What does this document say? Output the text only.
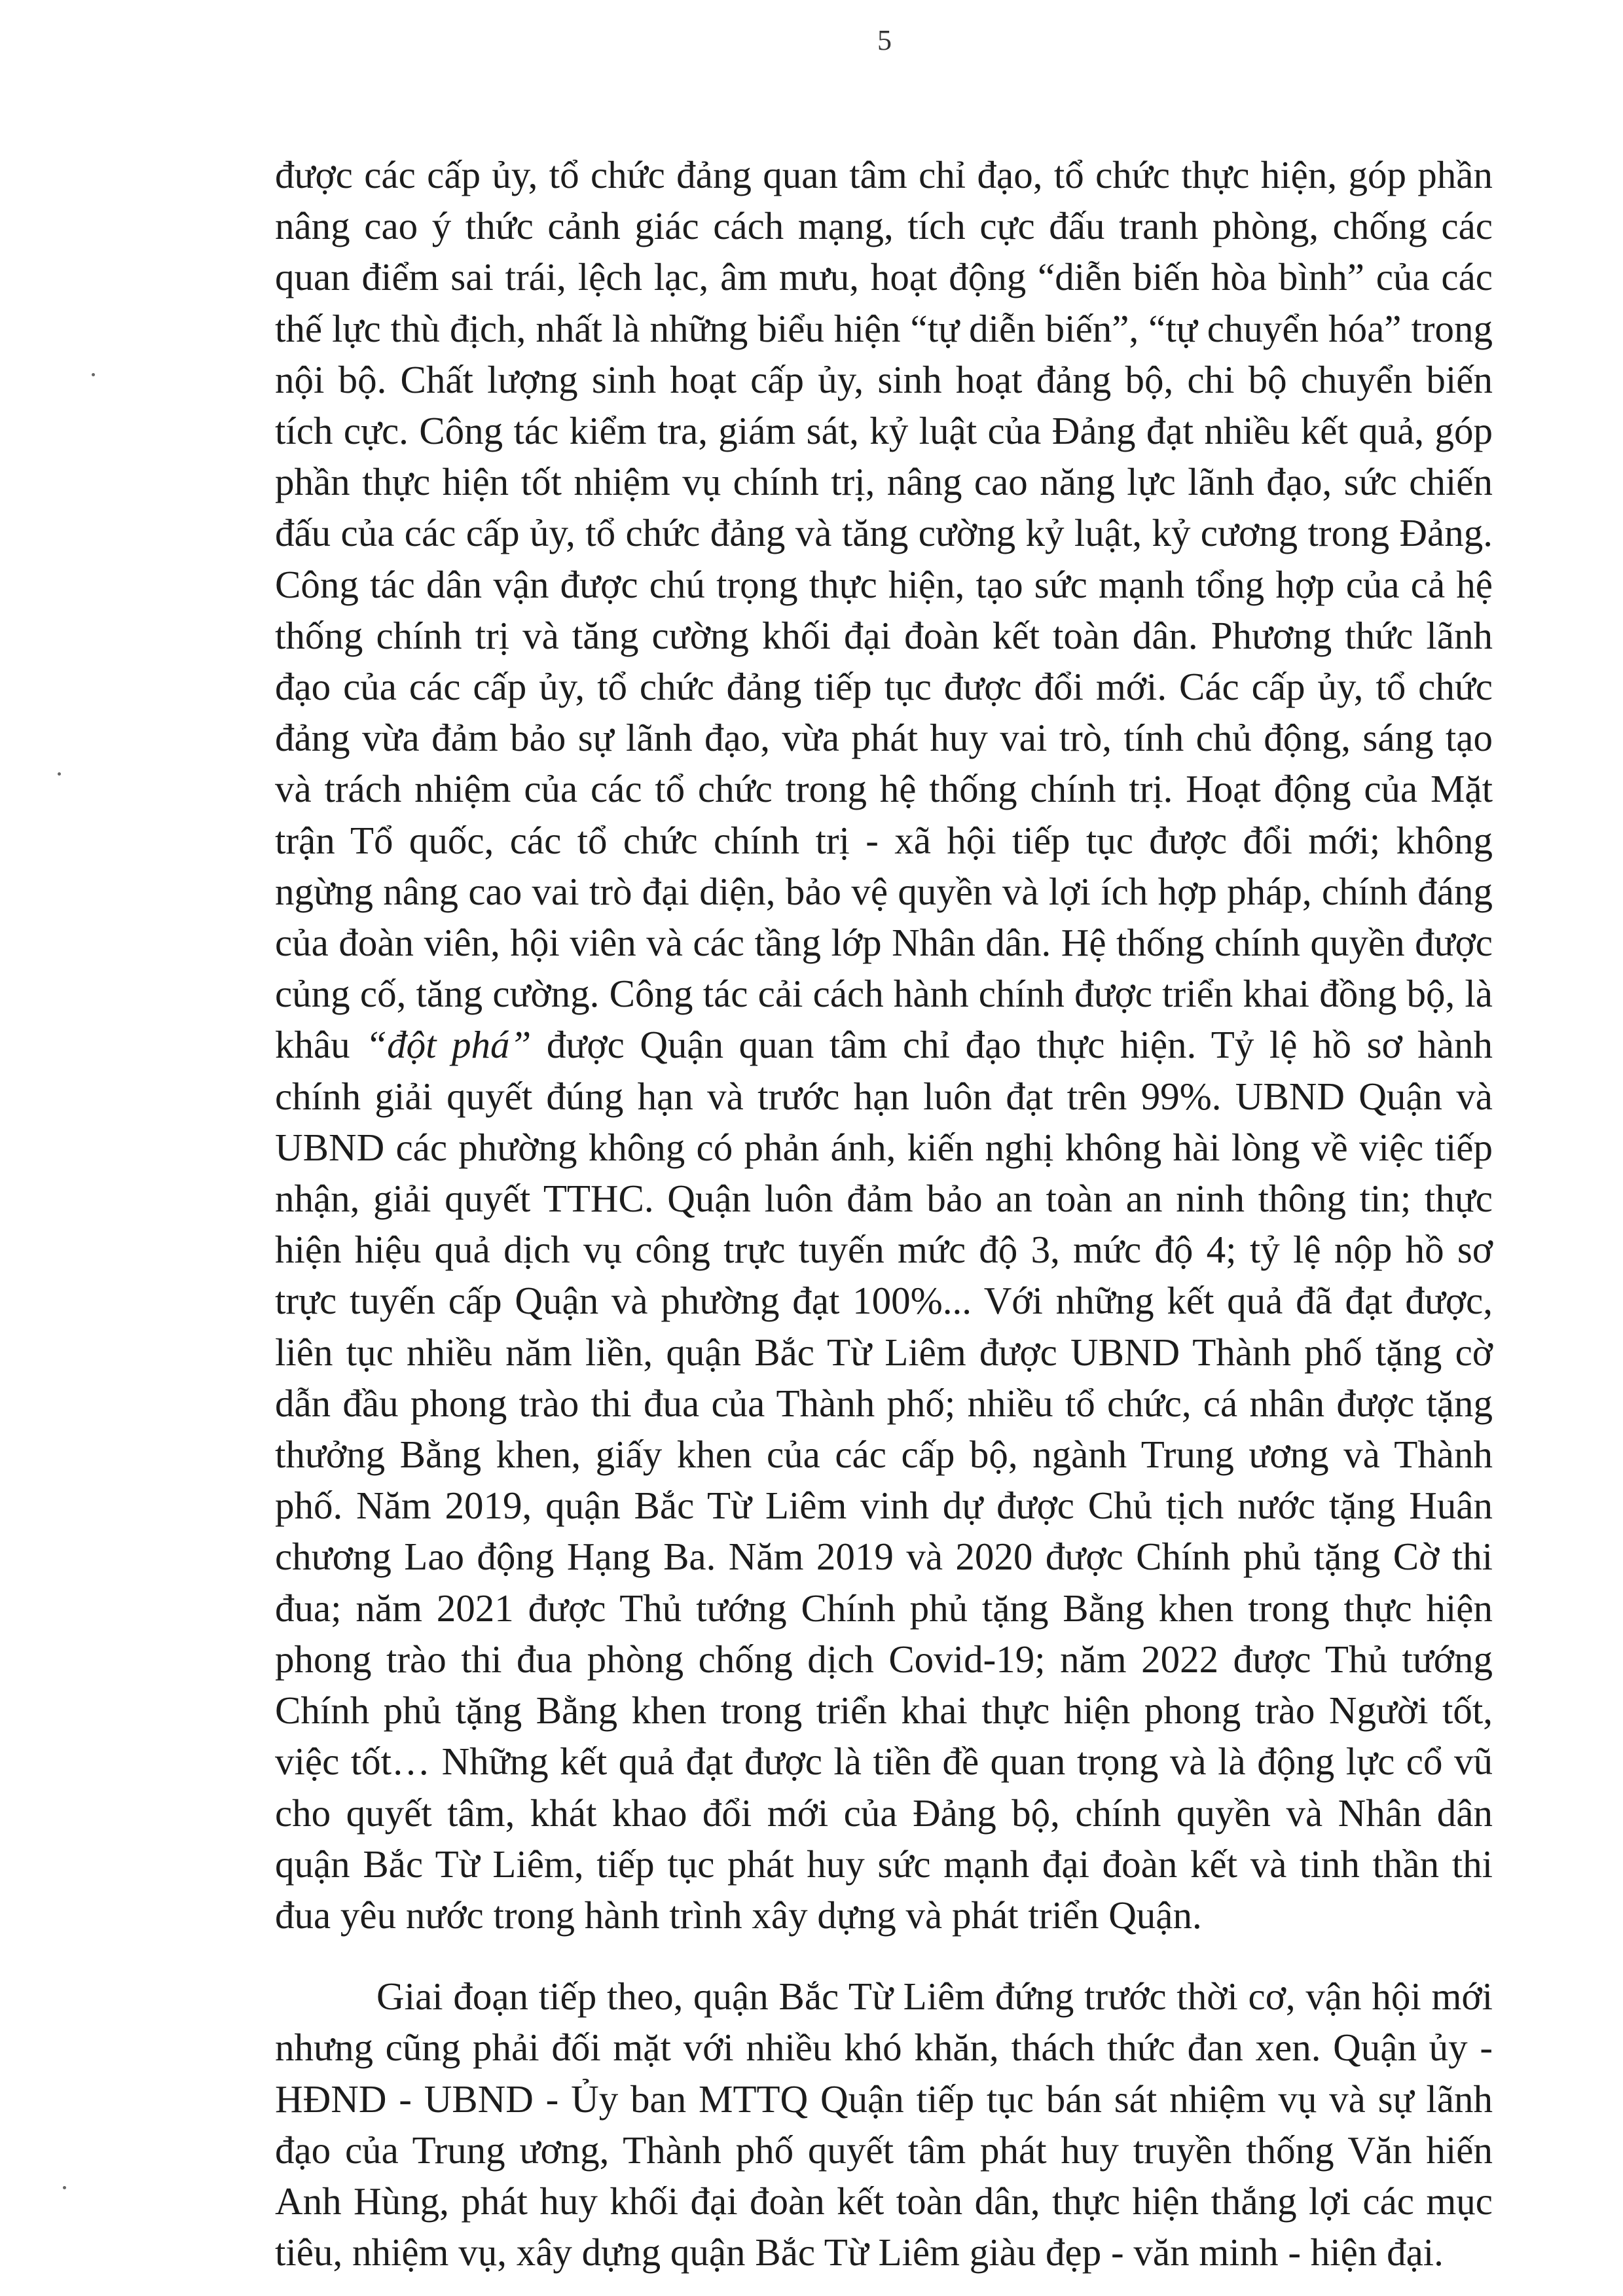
5

được các cấp ủy, tổ chức đảng quan tâm chỉ đạo, tổ chức thực hiện, góp phần nâng cao ý thức cảnh giác cách mạng, tích cực đấu tranh phòng, chống các quan điểm sai trái, lệch lạc, âm mưu, hoạt động “diễn biến hòa bình” của các thế lực thù địch, nhất là những biểu hiện “tự diễn biến”, “tự chuyển hóa” trong nội bộ. Chất lượng sinh hoạt cấp ủy, sinh hoạt đảng bộ, chi bộ chuyển biến tích cực. Công tác kiểm tra, giám sát, kỷ luật của Đảng đạt nhiều kết quả, góp phần thực hiện tốt nhiệm vụ chính trị, nâng cao năng lực lãnh đạo, sức chiến đấu của các cấp ủy, tổ chức đảng và tăng cường kỷ luật, kỷ cương trong Đảng. Công tác dân vận được chú trọng thực hiện, tạo sức mạnh tổng hợp của cả hệ thống chính trị và tăng cường khối đại đoàn kết toàn dân. Phương thức lãnh đạo của các cấp ủy, tổ chức đảng tiếp tục được đổi mới. Các cấp ủy, tổ chức đảng vừa đảm bảo sự lãnh đạo, vừa phát huy vai trò, tính chủ động, sáng tạo và trách nhiệm của các tổ chức trong hệ thống chính trị. Hoạt động của Mặt trận Tổ quốc, các tổ chức chính trị - xã hội tiếp tục được đổi mới; không ngừng nâng cao vai trò đại diện, bảo vệ quyền và lợi ích hợp pháp, chính đáng của đoàn viên, hội viên và các tầng lớp Nhân dân. Hệ thống chính quyền được củng cố, tăng cường. Công tác cải cách hành chính được triển khai đồng bộ, là khâu “đột phá” được Quận quan tâm chỉ đạo thực hiện. Tỷ lệ hồ sơ hành chính giải quyết đúng hạn và trước hạn luôn đạt trên 99%. UBND Quận và UBND các phường không có phản ánh, kiến nghị không hài lòng về việc tiếp nhận, giải quyết TTHC. Quận luôn đảm bảo an toàn an ninh thông tin; thực hiện hiệu quả dịch vụ công trực tuyến mức độ 3, mức độ 4; tỷ lệ nộp hồ sơ trực tuyến cấp Quận và phường đạt 100%... Với những kết quả đã đạt được, liên tục nhiều năm liền, quận Bắc Từ Liêm được UBND Thành phố tặng cờ dẫn đầu phong trào thi đua của Thành phố; nhiều tổ chức, cá nhân được tặng thưởng Bằng khen, giấy khen của các cấp bộ, ngành Trung ương và Thành phố. Năm 2019, quận Bắc Từ Liêm vinh dự được Chủ tịch nước tặng Huân chương Lao động Hạng Ba. Năm 2019 và 2020 được Chính phủ tặng Cờ thi đua; năm 2021 được Thủ tướng Chính phủ tặng Bằng khen trong thực hiện phong trào thi đua phòng chống dịch Covid-19; năm 2022 được Thủ tướng Chính phủ tặng Bằng khen trong triển khai thực hiện phong trào Người tốt, việc tốt… Những kết quả đạt được là tiền đề quan trọng và là động lực cổ vũ cho quyết tâm, khát khao đổi mới của Đảng bộ, chính quyền và Nhân dân quận Bắc Từ Liêm, tiếp tục phát huy sức mạnh đại đoàn kết và tinh thần thi đua yêu nước trong hành trình xây dựng và phát triển Quận.

Giai đoạn tiếp theo, quận Bắc Từ Liêm đứng trước thời cơ, vận hội mới nhưng cũng phải đối mặt với nhiều khó khăn, thách thức đan xen. Quận ủy - HĐND - UBND - Ủy ban MTTQ Quận tiếp tục bán sát nhiệm vụ và sự lãnh đạo của Trung ương, Thành phố quyết tâm phát huy truyền thống Văn hiến Anh Hùng, phát huy khối đại đoàn kết toàn dân, thực hiện thắng lợi các mục tiêu, nhiệm vụ, xây dựng quận Bắc Từ Liêm giàu đẹp - văn minh - hiện đại.
